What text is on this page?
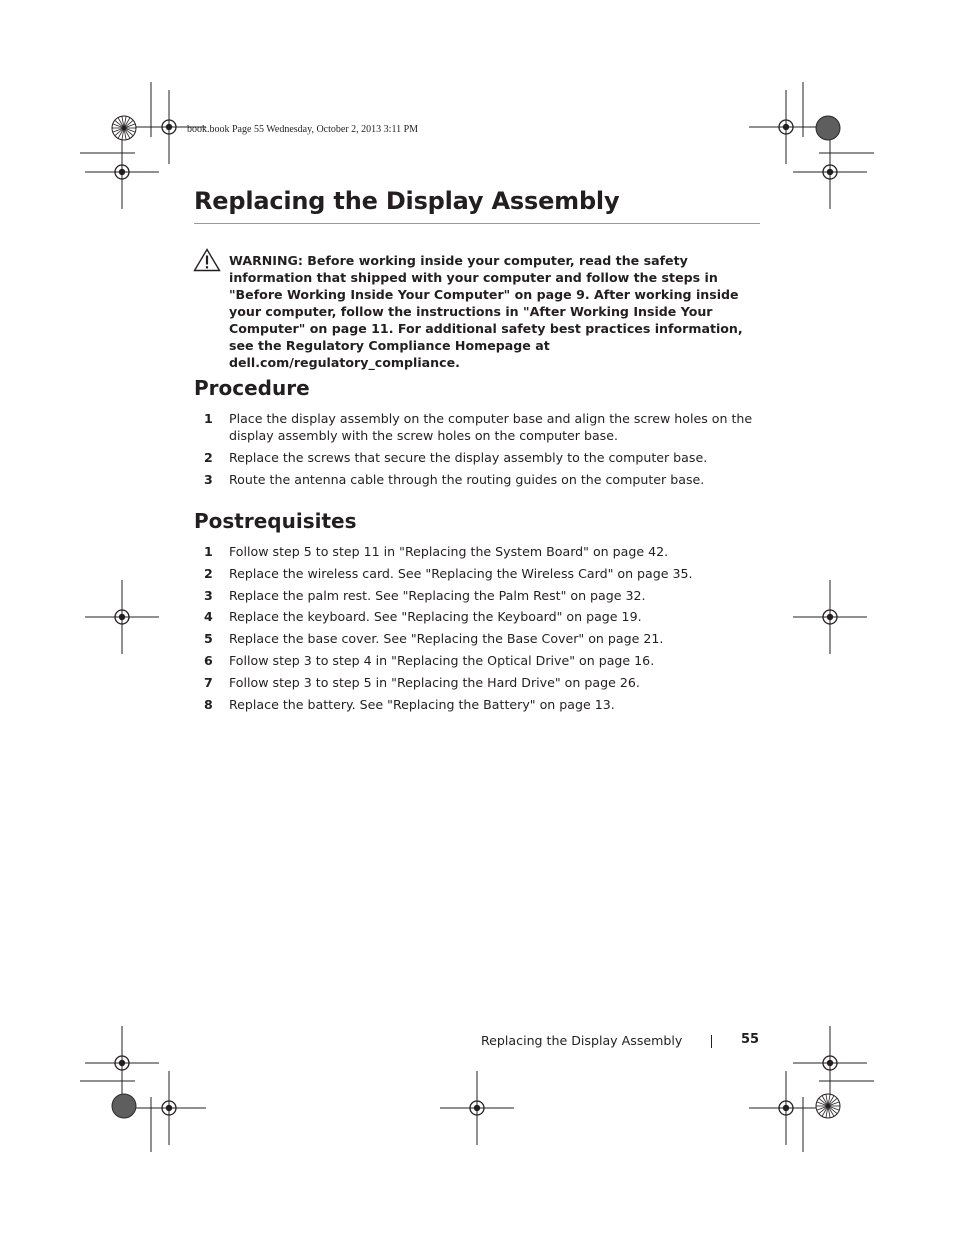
book.book Page 55 Wednesday, October 2, 2013 3:11 PM
Replacing the Display Assembly
WARNING: Before working inside your computer, read the safety information that shipped with your computer and follow the steps in "Before Working Inside Your Computer" on page 9. After working inside your computer, follow the instructions in "After Working Inside Your Computer" on page 11. For additional safety best practices information, see the Regulatory Compliance Homepage at dell.com/regulatory_compliance.
Procedure
1 Place the display assembly on the computer base and align the screw holes on the display assembly with the screw holes on the computer base.
2 Replace the screws that secure the display assembly to the computer base.
3 Route the antenna cable through the routing guides on the computer base.
Postrequisites
1 Follow step 5 to step 11 in "Replacing the System Board" on page 42.
2 Replace the wireless card. See "Replacing the Wireless Card" on page 35.
3 Replace the palm rest. See "Replacing the Palm Rest" on page 32.
4 Replace the keyboard. See "Replacing the Keyboard" on page 19.
5 Replace the base cover. See "Replacing the Base Cover" on page 21.
6 Follow step 3 to step 4 in "Replacing the Optical Drive" on page 16.
7 Follow step 3 to step 5 in "Replacing the Hard Drive" on page 26.
8 Replace the battery. See "Replacing the Battery" on page 13.
Replacing the Display Assembly	55
